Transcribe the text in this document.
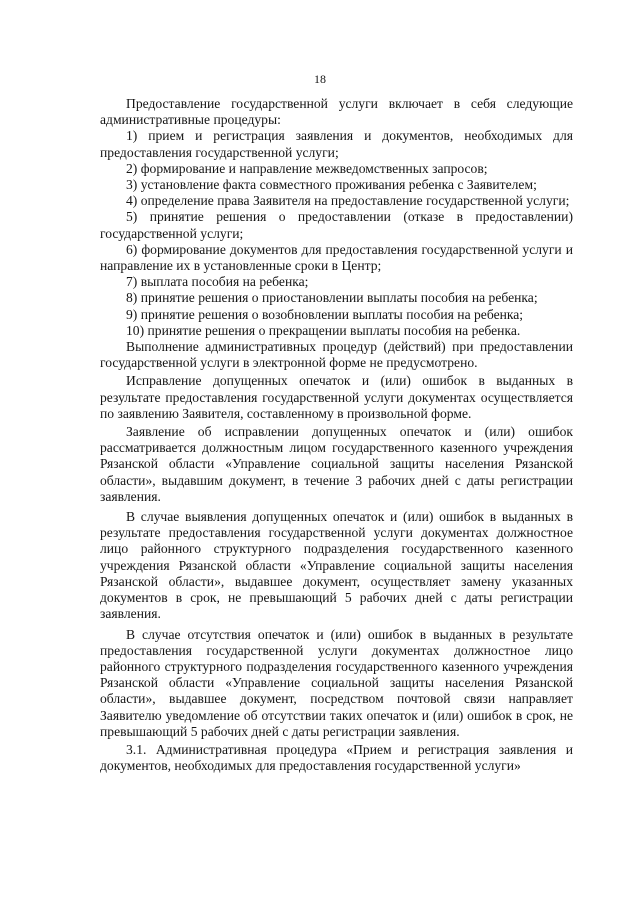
18

Предоставление государственной услуги включает в себя следующие административные процедуры:

1) прием и регистрация заявления и документов, необходимых для предоставления государственной услуги;

2) формирование и направление межведомственных запросов;

3) установление факта совместного проживания ребенка с Заявителем;

4) определение права Заявителя на предоставление государственной услуги;

5) принятие решения о предоставлении (отказе в предоставлении) государственной услуги;

6) формирование документов для предоставления государственной услуги и направление их в установленные сроки в Центр;

7) выплата пособия на ребенка;

8) принятие решения о приостановлении выплаты пособия на ребенка;

9) принятие решения о возобновлении выплаты пособия на ребенка;

10) принятие решения о прекращении выплаты пособия на ребенка.

Выполнение административных процедур (действий) при предоставлении государственной услуги в электронной форме не предусмотрено.

Исправление допущенных опечаток и (или) ошибок в выданных в результате предоставления государственной услуги документах осуществляется по заявлению Заявителя, составленному в произвольной форме.

Заявление об исправлении допущенных опечаток и (или) ошибок рассматривается должностным лицом государственного казенного учреждения Рязанской области «Управление социальной защиты населения Рязанской области», выдавшим документ, в течение 3 рабочих дней с даты регистрации заявления.

В случае выявления допущенных опечаток и (или) ошибок в выданных в результате предоставления государственной услуги документах должностное лицо районного структурного подразделения государственного казенного учреждения Рязанской области «Управление социальной защиты населения Рязанской области», выдавшее документ, осуществляет замену указанных документов в срок, не превышающий 5 рабочих дней с даты регистрации заявления.

В случае отсутствия опечаток и (или) ошибок в выданных в результате предоставления государственной услуги документах должностное лицо районного структурного подразделения государственного казенного учреждения Рязанской области «Управление социальной защиты населения Рязанской области», выдавшее документ, посредством почтовой связи направляет Заявителю уведомление об отсутствии таких опечаток и (или) ошибок в срок, не превышающий 5 рабочих дней с даты регистрации заявления.

3.1. Административная процедура «Прием и регистрация заявления и документов, необходимых для предоставления государственной услуги»
